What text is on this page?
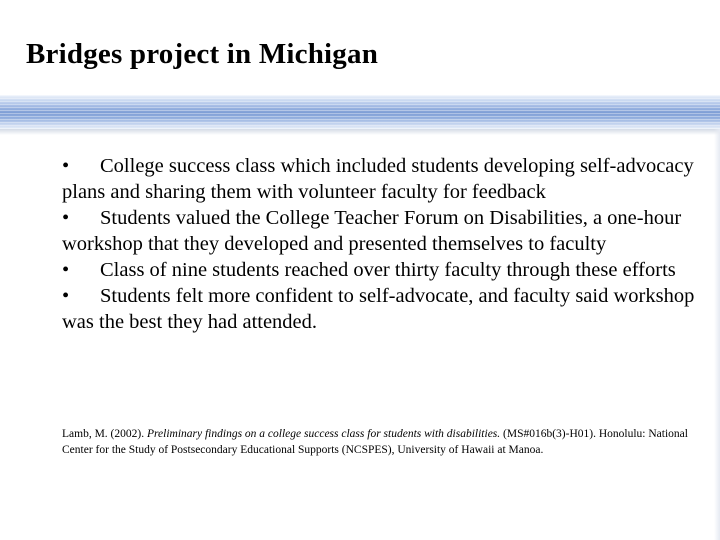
Bridges project in Michigan

• College success class which included students developing self-advocacy plans and sharing them with volunteer faculty for feedback

• Students valued the College Teacher Forum on Disabilities, a one-hour workshop that they developed and presented themselves to faculty

• Class of nine students reached over thirty faculty through these efforts

• Students felt more confident to self-advocate, and faculty said workshop was the best they had attended.

Lamb, M. (2002). Preliminary findings on a college success class for students with disabilities. (MS#016b(3)-H01). Honolulu: National Center for the Study of Postsecondary Educational Supports (NCSPES), University of Hawaii at Manoa.
